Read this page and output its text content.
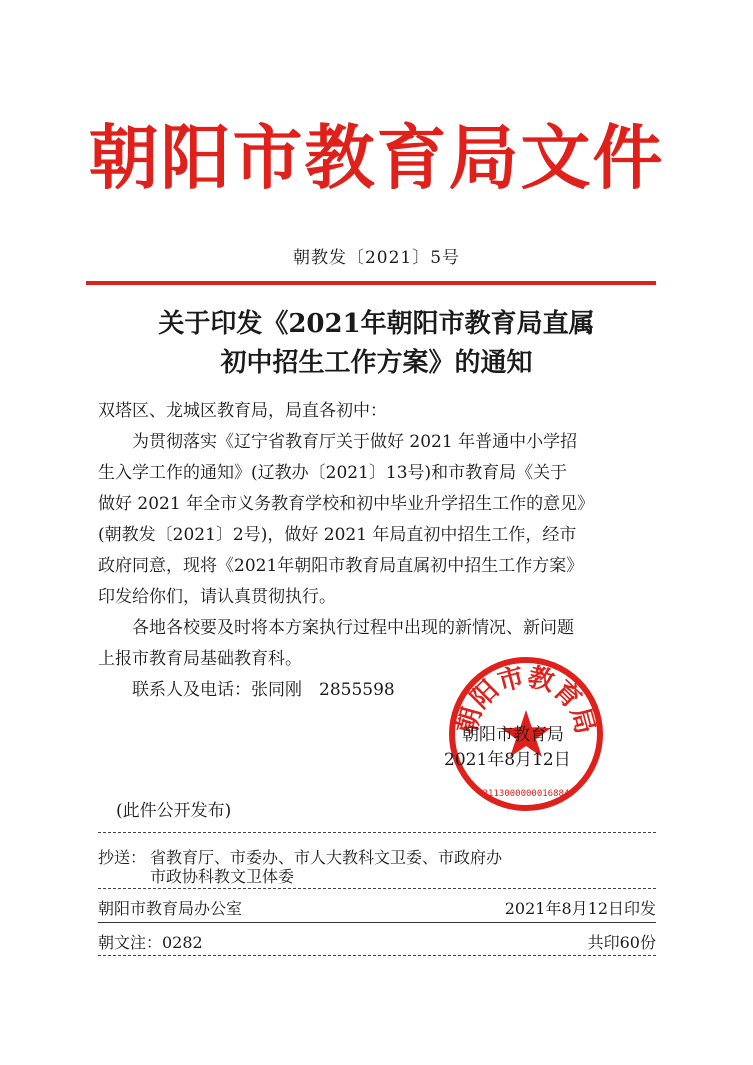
朝阳市教育局文件
朝教发〔2021〕5号
关于印发《2021年朝阳市教育局直属
初中招生工作方案》的通知
双塔区、龙城区教育局，局直各初中：
　　为贯彻落实《辽宁省教育厅关于做好 2021 年普通中小学招
生入学工作的通知》(辽教办〔2021〕13号)和市教育局《关于
做好 2021 年全市义务教育学校和初中毕业升学招生工作的意见》
(朝教发〔2021〕2号)，做好 2021 年局直初中招生工作，经市
政府同意，现将《2021年朝阳市教育局直属初中招生工作方案》
印发给你们，请认真贯彻执行。
　　各地各校要及时将本方案执行过程中出现的新情况、新问题
上报市教育局基础教育科。
　　联系人及电话：张同刚　2855598
朝阳市教育局
2113000000016884
朝阳市教育局
2021年8月12日
(此件公开发布)
抄送： 省教育厅、市委办、市人大教科文卫委、市政府办
市政协科教文卫体委
朝阳市教育局办公室	2021年8月12日印发
朝文注：0282	共印60份
